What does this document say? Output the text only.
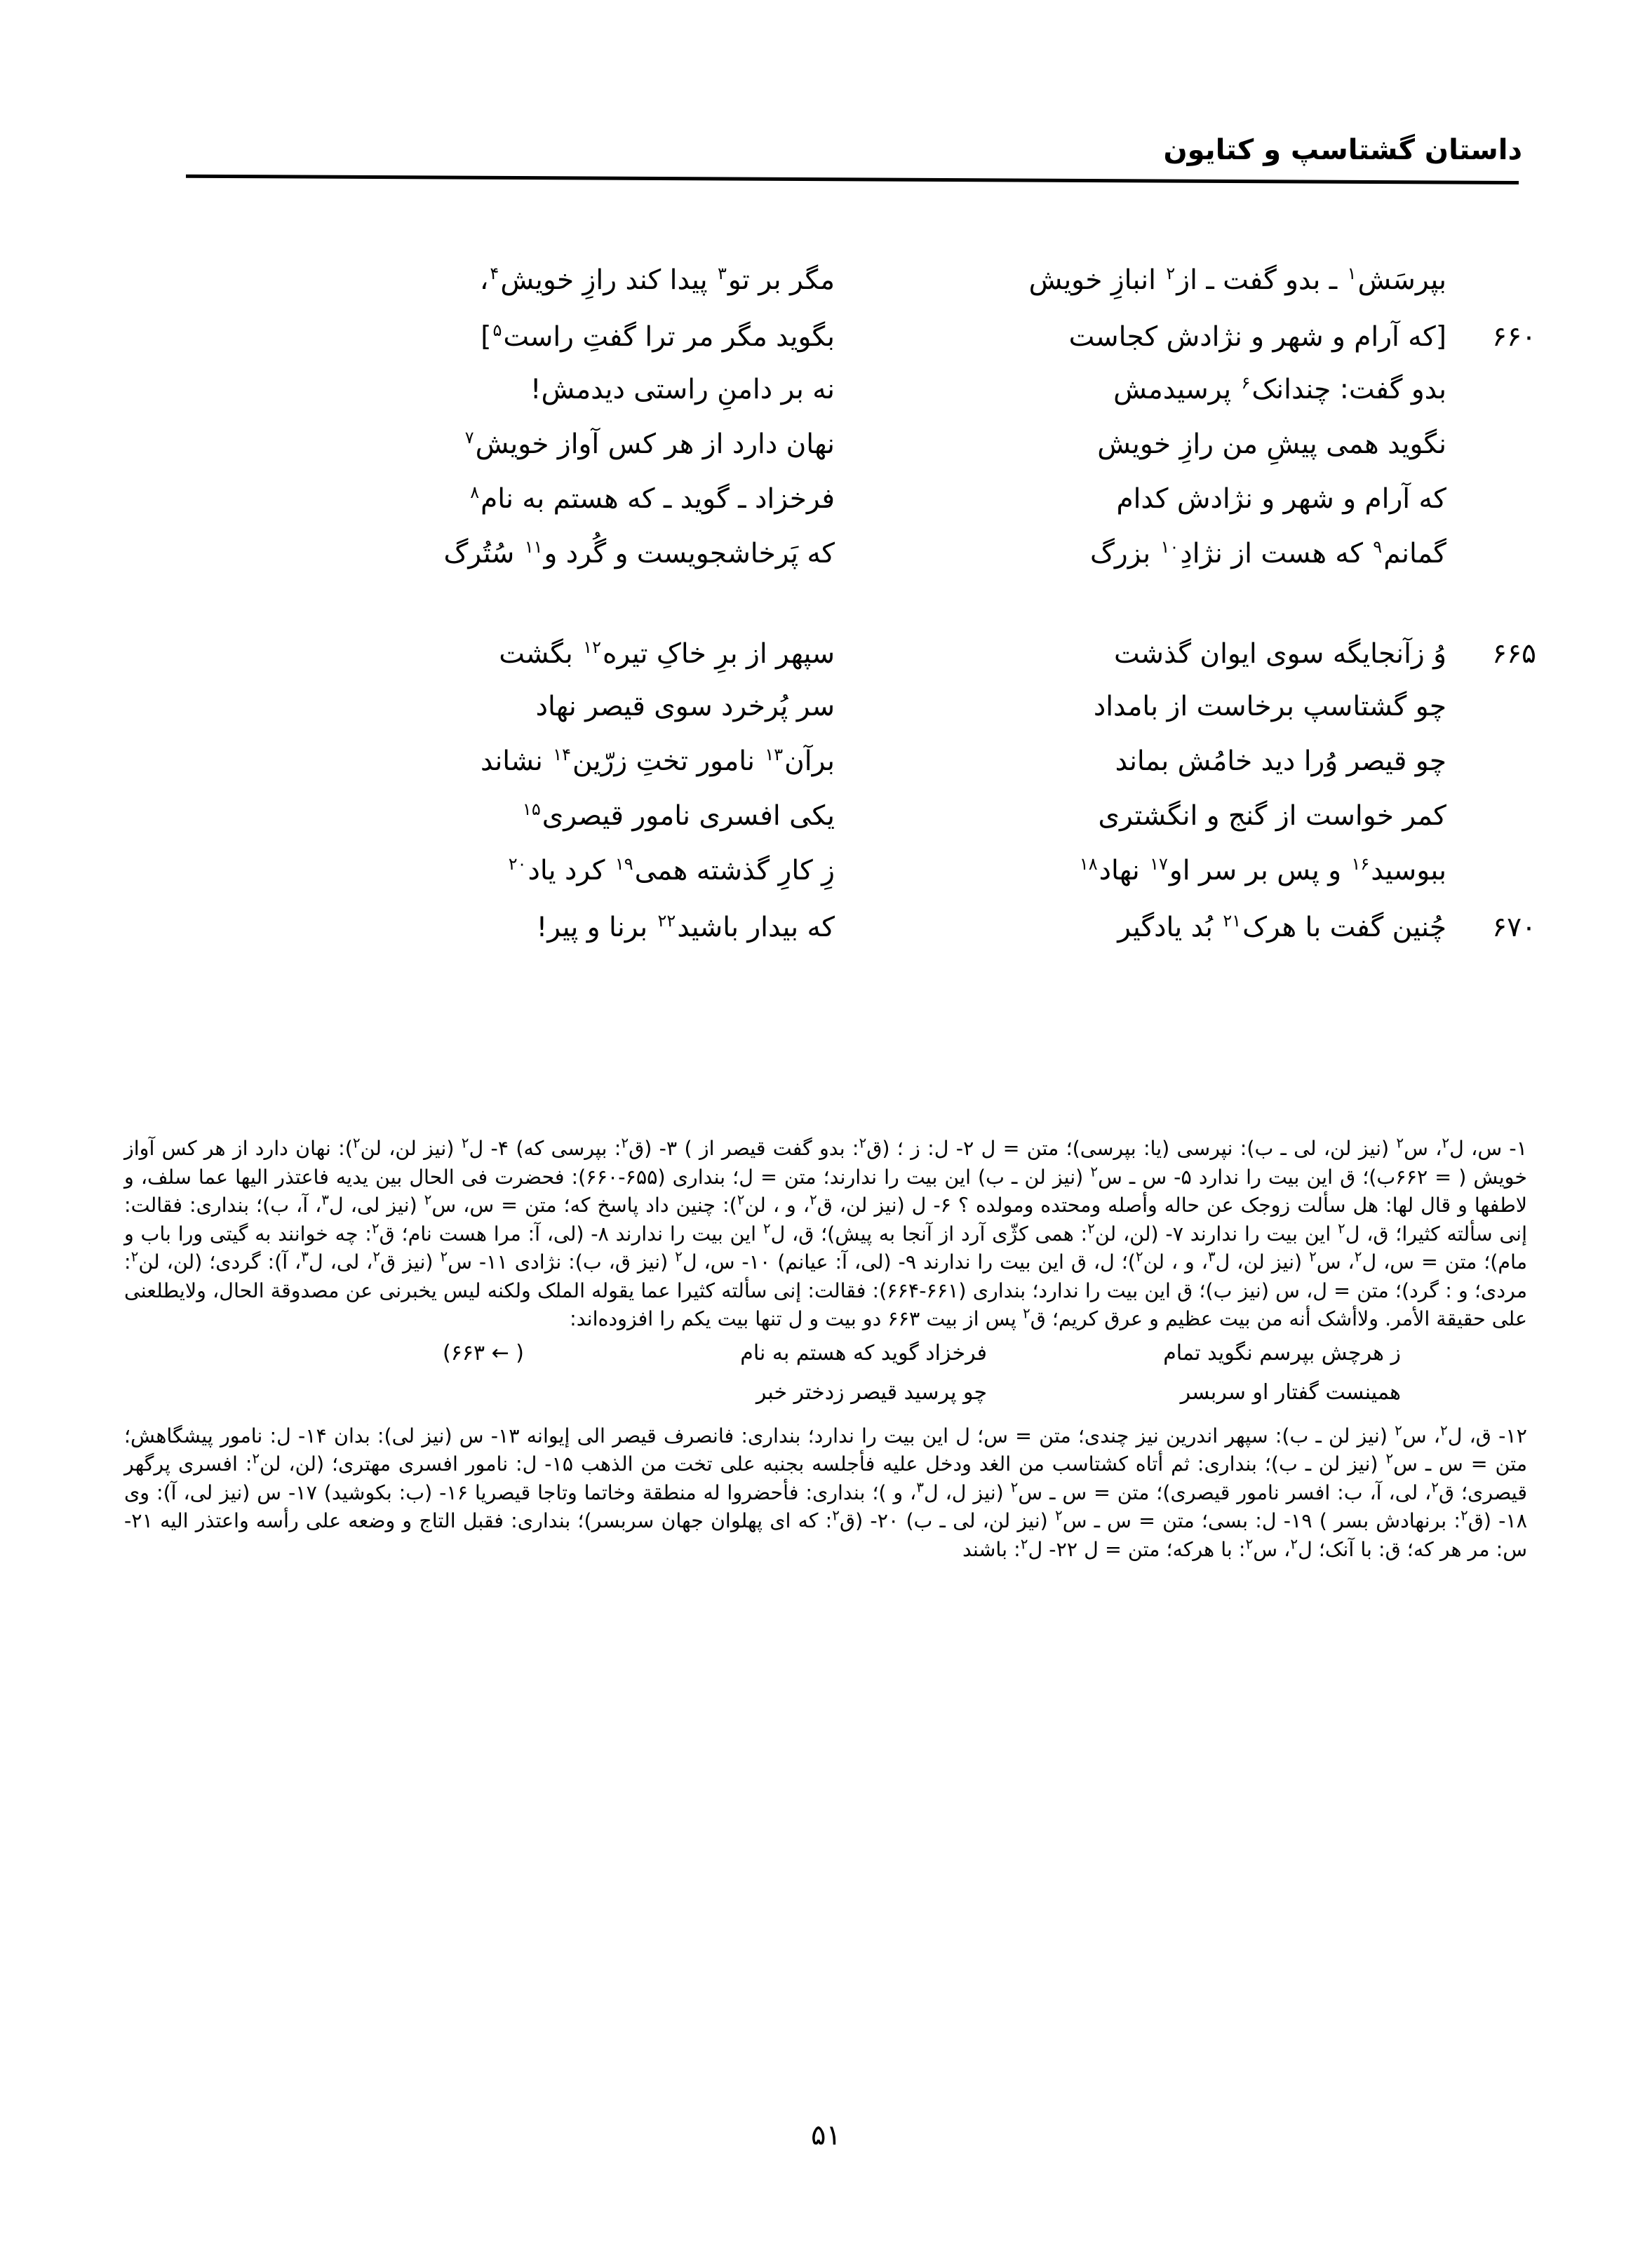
داستان گشتاسپ و کتایون
بپرسَش$^۱$ ـ بدو گفت ـ از$^۲$ انبازِ خویش
مگر بر تو$^۳$ پیدا کند رازِ خویش$^۴$،
۶۶۰
[که آرام و شهر و نژادش کجاست
بگوید مگر مر ترا گفتِ راست$^۵$]
بدو گفت: چندانک$^۶$ پرسیدمش
نه بر دامنِ راستی دیدمش!
نگوید همی پیشِ من رازِ خویش
نهان دارد از هر کس آواز خویش$^۷$
که آرام و شهر و نژادش کدام
فرخزاد ـ گوید ـ که هستم به نام$^۸$
گمانم$^۹$ که هست از نژادِ$^{۱۰}$ بزرگ
که پَرخاشجویست و گُرد و$^{۱۱}$ سُتُرگ
۶۶۵
وُ زآنجایگه سوی ایوان گذشت
سپهر از برِ خاکِ تیره$^{۱۲}$ بگشت
چو گشتاسپ برخاست از بامداد
سر پُرخرد سوی قیصر نهاد
چو قیصر وُرا دید خامُش بماند
برآن$^{۱۳}$ نامور تختِ زرّین$^{۱۴}$ نشاند
کمر خواست از گنج و انگشتری
یکی افسری نامور قیصری$^{۱۵}$
ببوسید$^{۱۶}$ و پس بر سر او$^{۱۷}$ نهاد$^{۱۸}$
زِ کارِ گذشته همی$^{۱۹}$ کرد یاد$^{۲۰}$
۶۷۰
چُنین گفت با هرک$^{۲۱}$ بُد یادگیر
که بیدار باشید$^{۲۲}$ برنا و پیر!

۱- س، ل$^۲$، س$^۲$ (نیز لن، لی ـ ب): نپرسی (یا: بپرسی)؛ متن = ل ۲- ل: ز ؛ (ق$^۲$: بدو گفت قیصر از ) ۳- (ق$^۲$: بپرسی که) ۴- ل$^۲$ (نیز لن، لن$^۲$): نهان دارد از هر کس آواز خویش ( = ۶۶۲ب)؛ ق این بیت را ندارد ۵- س ـ س$^۲$ (نیز لن ـ ب) این بیت را ندارند؛ متن = ل؛ بنداری (۶۵۵-۶۶۰): فحضرت فی الحال بین یدیه فاعتذر الیها عما سلف، و لاطفها و قال لها: هل سألت زوجک عن حاله وأصله ومحتده ومولده ؟ ۶- ل (نیز لن، ق$^۲$، و ، لن$^۲$): چنین داد پاسخ که؛ متن = س، س$^۲$ (نیز لی، ل$^۳$، آ، ب)؛ بنداری: فقالت: إنی سألته کثیرا؛ ق، ل$^۲$ این بیت را ندارند ۷- (لن، لن$^۲$: همی کژّی آرد از آنجا به پیش)؛ ق، ل$^۲$ این بیت را ندارند ۸- (لی، آ: مرا هست نام؛ ق$^۲$: چه خوانند به گیتی ورا باب و مام)؛ متن = س، ل$^۲$، س$^۲$ (نیز لن، ل$^۳$، و ، لن$^۲$)؛ ل، ق این بیت را ندارند ۹- (لی، آ: عیانم) ۱۰- س، ل$^۲$ (نیز ق، ب): نژادی ۱۱- س$^۲$ (نیز ق$^۲$، لی، ل$^۳$، آ): گردی؛ (لن، لن$^۲$: مردی؛ و : گرد)؛ متن = ل، س (نیز ب)؛ ق این بیت را ندارد؛ بنداری (۶۶۱-۶۶۴): فقالت: إنی سألته کثیرا عما یقوله الملک ولکنه لیس یخبرنی عن مصدوقة الحال، ولایطلعنی علی حقیقة الأمر. ولاأشک أنه من بیت عظیم و عرق کریم؛ ق$^۲$ پس از بیت ۶۶۳ دو بیت و ل تنها بیت یکم را افزوده‌اند:

ز هرچش بپرسم نگوید تمام
فرخزاد گوید که هستم به نام
( ← ۶۶۳)
همینست گفتار او سربسر
چو پرسید قیصر زدختر خبر

۱۲- ق، ل$^۲$، س$^۲$ (نیز لن ـ ب): سپهر اندرین نیز چندی؛ متن = س؛ ل این بیت را ندارد؛ بنداری: فانصرف قیصر الی إیوانه ۱۳- س (نیز لی): بدان ۱۴- ل: نامور پیشگاهش؛ متن = س ـ س$^۲$ (نیز لن ـ ب)؛ بنداری: ثم أتاه کشتاسب من الغد ودخل علیه فأجلسه بجنبه علی تخت من الذهب ۱۵- ل: نامور افسری مهتری؛ (لن، لن$^۲$: افسری پرگهر قیصری؛ ق$^۲$، لی، آ، ب: افسر نامور قیصری)؛ متن = س ـ س$^۲$ (نیز ل، ل$^۳$، و )؛ بنداری: فأحضروا له منطقة وخاتما وتاجا قیصریا ۱۶- (ب: بکوشید) ۱۷- س (نیز لی، آ): وی ۱۸- (ق$^۲$: برنهادش بسر ) ۱۹- ل: بسی؛ متن = س ـ س$^۲$ (نیز لن، لی ـ ب) ۲۰- (ق$^۲$: که ای پهلوان جهان سربسر)؛ بنداری: فقبل التاج و وضعه علی رأسه واعتذر الیه ۲۱- س: مر هر که؛ ق: با آنک؛ ل$^۲$، س$^۲$: با هرکه؛ متن = ل ۲۲- ل$^۲$: باشند

۵۱
